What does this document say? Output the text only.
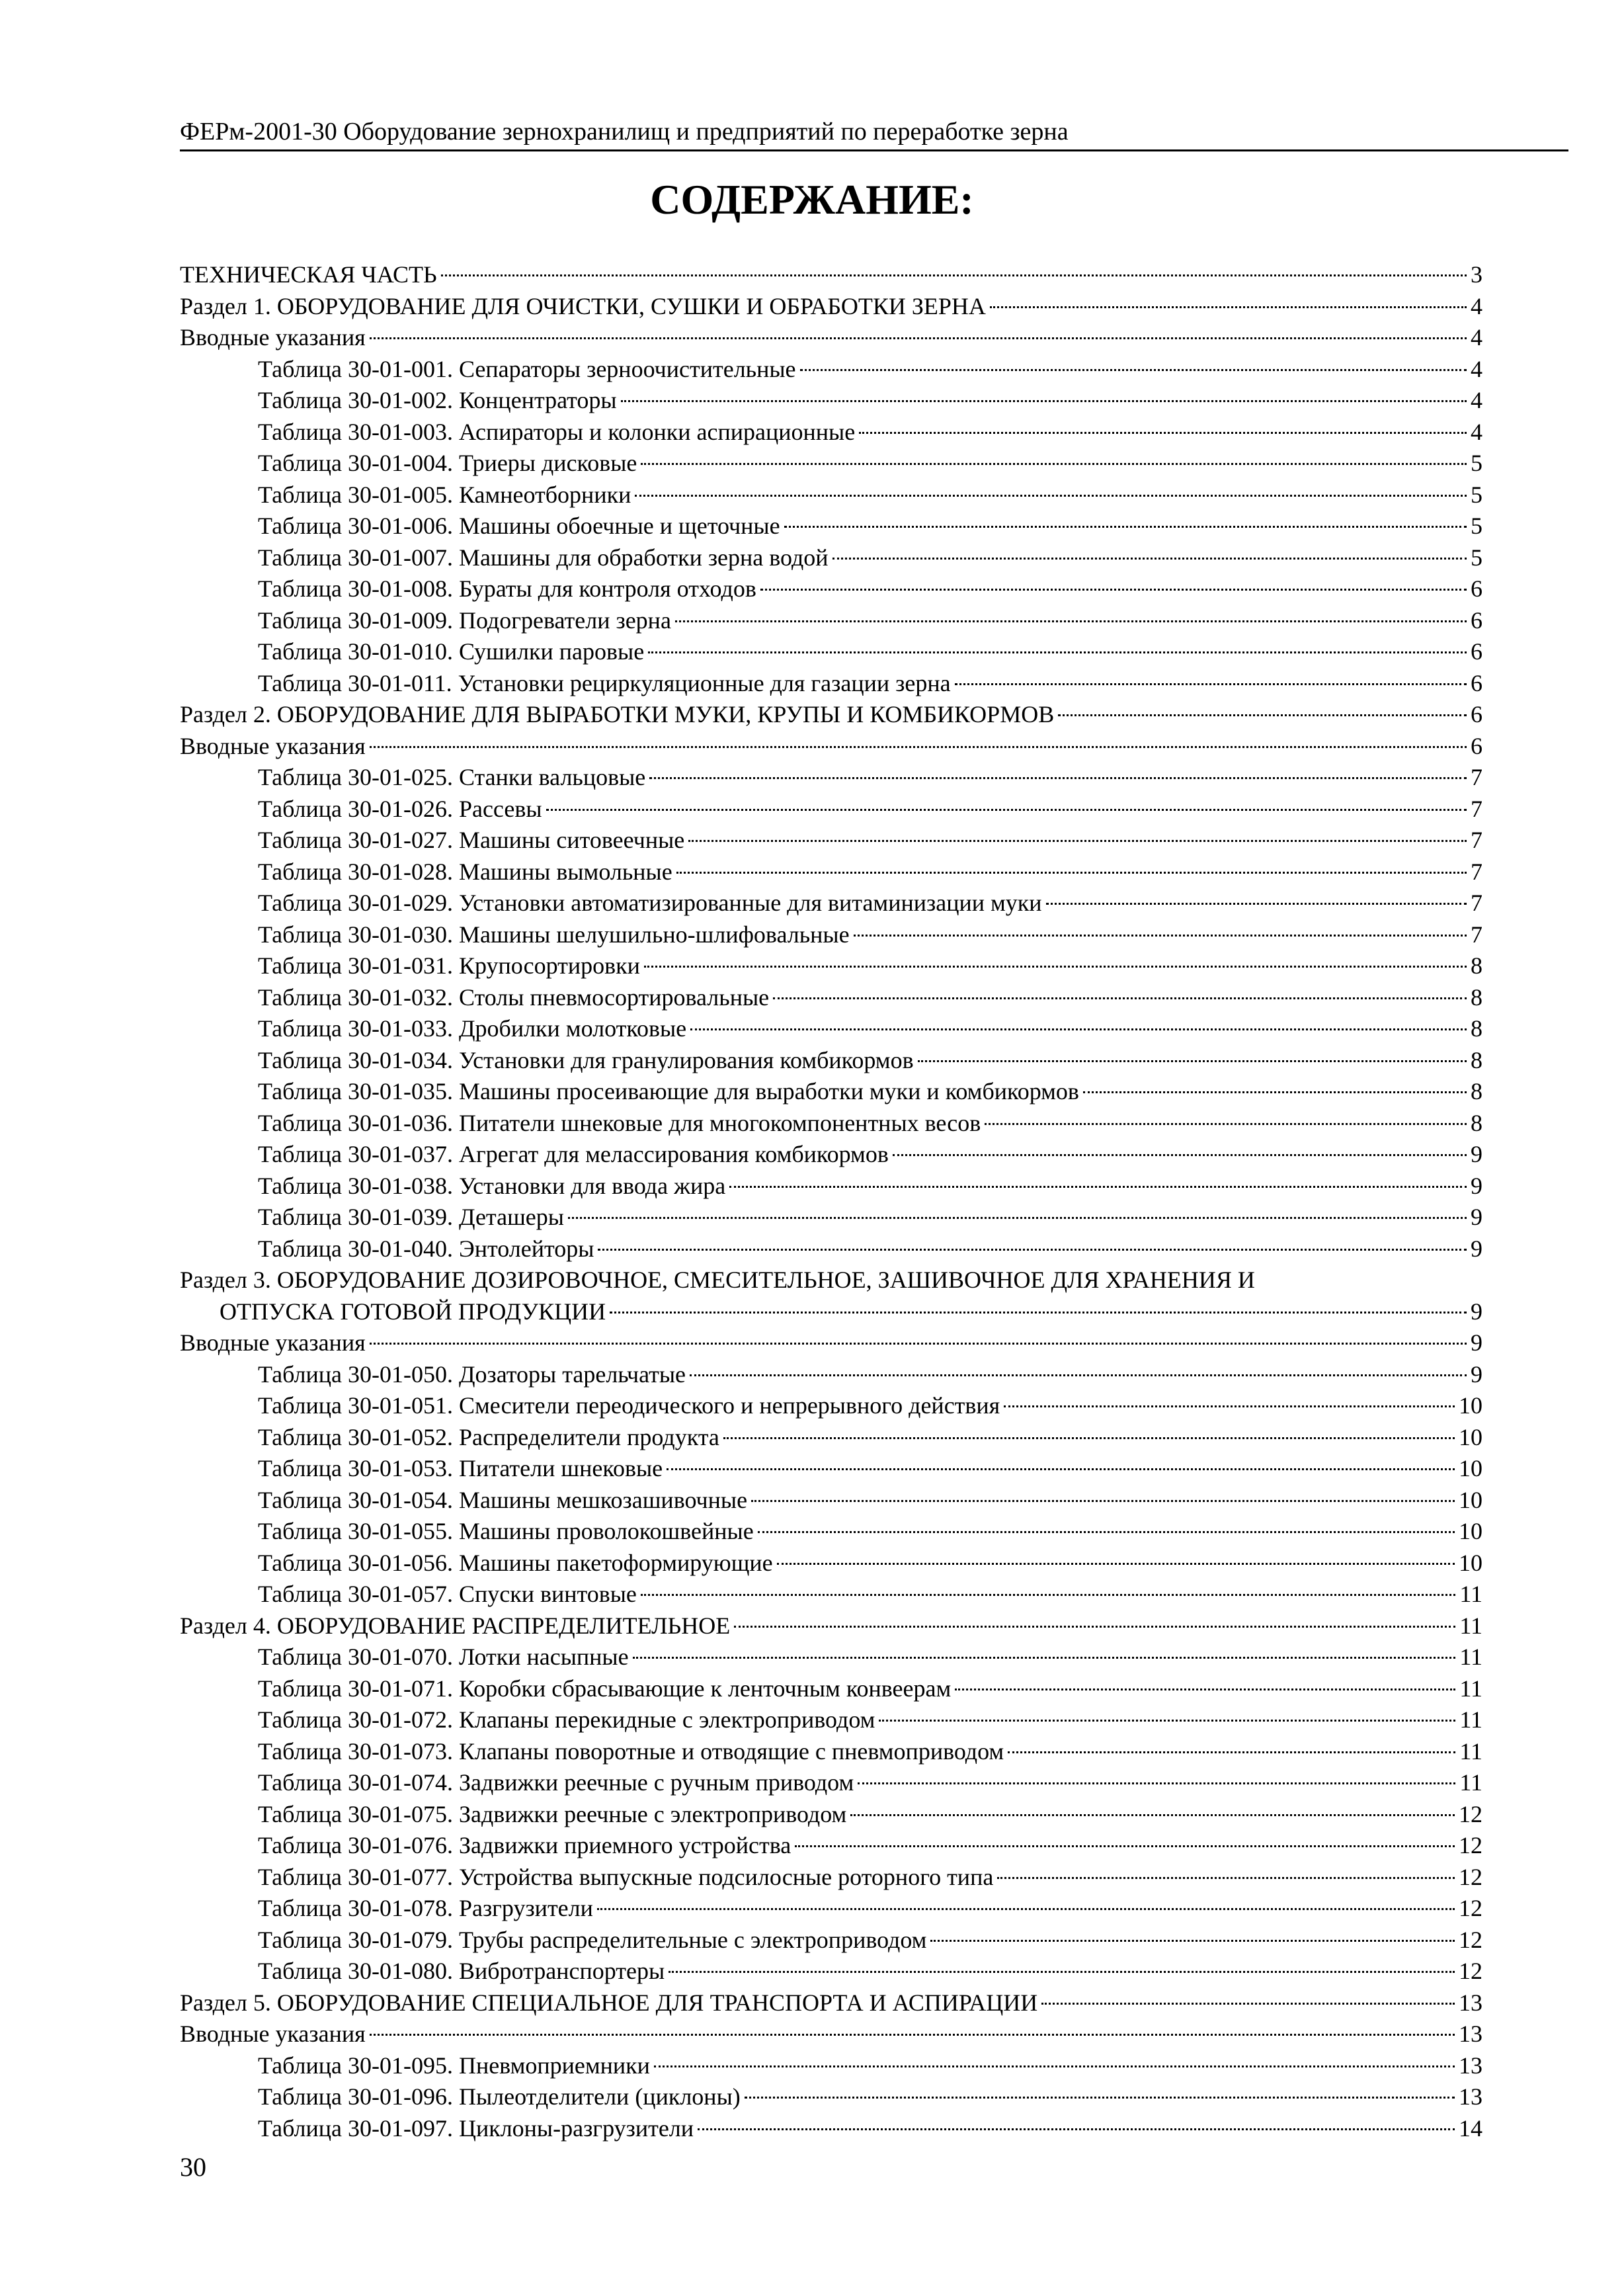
ФЕРм-2001-30 Оборудование зернохранилищ и предприятий по переработке зерна
СОДЕРЖАНИЕ:
ТЕХНИЧЕСКАЯ ЧАСТЬ	3
Раздел 1. ОБОРУДОВАНИЕ ДЛЯ ОЧИСТКИ, СУШКИ И ОБРАБОТКИ ЗЕРНА	4
Вводные указания	4
Таблица 30-01-001. Сепараторы зерноочистительные	4
Таблица 30-01-002. Концентраторы	4
Таблица 30-01-003. Аспираторы и колонки аспирационные	4
Таблица 30-01-004. Триеры дисковые	5
Таблица 30-01-005. Камнеотборники	5
Таблица 30-01-006. Машины обоечные и щеточные	5
Таблица 30-01-007. Машины для обработки зерна водой	5
Таблица 30-01-008. Бураты для контроля отходов	6
Таблица 30-01-009. Подогреватели зерна	6
Таблица 30-01-010. Сушилки паровые	6
Таблица 30-01-011. Установки рециркуляционные для газации зерна	6
Раздел 2. ОБОРУДОВАНИЕ ДЛЯ ВЫРАБОТКИ МУКИ, КРУПЫ И КОМБИКОРМОВ	6
Вводные указания	6
Таблица 30-01-025. Станки вальцовые	7
Таблица 30-01-026. Рассевы	7
Таблица 30-01-027. Машины ситовеечные	7
Таблица 30-01-028. Машины вымольные	7
Таблица 30-01-029. Установки автоматизированные для витаминизации муки	7
Таблица 30-01-030. Машины шелушильно-шлифовальные	7
Таблица 30-01-031. Крупосортировки	8
Таблица 30-01-032. Столы пневмосортировальные	8
Таблица 30-01-033. Дробилки молотковые	8
Таблица 30-01-034. Установки для гранулирования комбикормов	8
Таблица 30-01-035. Машины просеивающие для выработки муки и комбикормов	8
Таблица 30-01-036. Питатели шнековые для многокомпонентных весов	8
Таблица 30-01-037. Агрегат для мелассирования комбикормов	9
Таблица 30-01-038. Установки для ввода жира	9
Таблица 30-01-039. Деташеры	9
Таблица 30-01-040. Энтолейторы	9
Раздел 3. ОБОРУДОВАНИЕ ДОЗИРОВОЧНОЕ, СМЕСИТЕЛЬНОЕ, ЗАШИВОЧНОЕ ДЛЯ ХРАНЕНИЯ И
ОТПУСКА ГОТОВОЙ ПРОДУКЦИИ	9
Вводные указания	9
Таблица 30-01-050. Дозаторы тарельчатые	9
Таблица 30-01-051. Смесители переодического и непрерывного действия	10
Таблица 30-01-052. Распределители продукта	10
Таблица 30-01-053. Питатели шнековые	10
Таблица 30-01-054. Машины мешкозашивочные	10
Таблица 30-01-055. Машины проволокошвейные	10
Таблица 30-01-056. Машины пакетоформирующие	10
Таблица 30-01-057. Спуски винтовые	11
Раздел 4. ОБОРУДОВАНИЕ РАСПРЕДЕЛИТЕЛЬНОЕ	11
Таблица 30-01-070. Лотки насыпные	11
Таблица 30-01-071. Коробки сбрасывающие к ленточным конвеерам	11
Таблица 30-01-072. Клапаны перекидные с электроприводом	11
Таблица 30-01-073. Клапаны поворотные и отводящие с пневмоприводом	11
Таблица 30-01-074. Задвижки реечные с ручным приводом	11
Таблица 30-01-075. Задвижки реечные с электроприводом	12
Таблица 30-01-076. Задвижки приемного устройства	12
Таблица 30-01-077. Устройства выпускные подсилосные роторного типа	12
Таблица 30-01-078. Разгрузители	12
Таблица 30-01-079. Трубы распределительные с электроприводом	12
Таблица 30-01-080. Вибротранспортеры	12
Раздел 5. ОБОРУДОВАНИЕ СПЕЦИАЛЬНОЕ ДЛЯ ТРАНСПОРТА И АСПИРАЦИИ	13
Вводные указания	13
Таблица 30-01-095. Пневмоприемники	13
Таблица 30-01-096. Пылеотделители (циклоны)	13
Таблица 30-01-097. Циклоны-разгрузители	14
30
